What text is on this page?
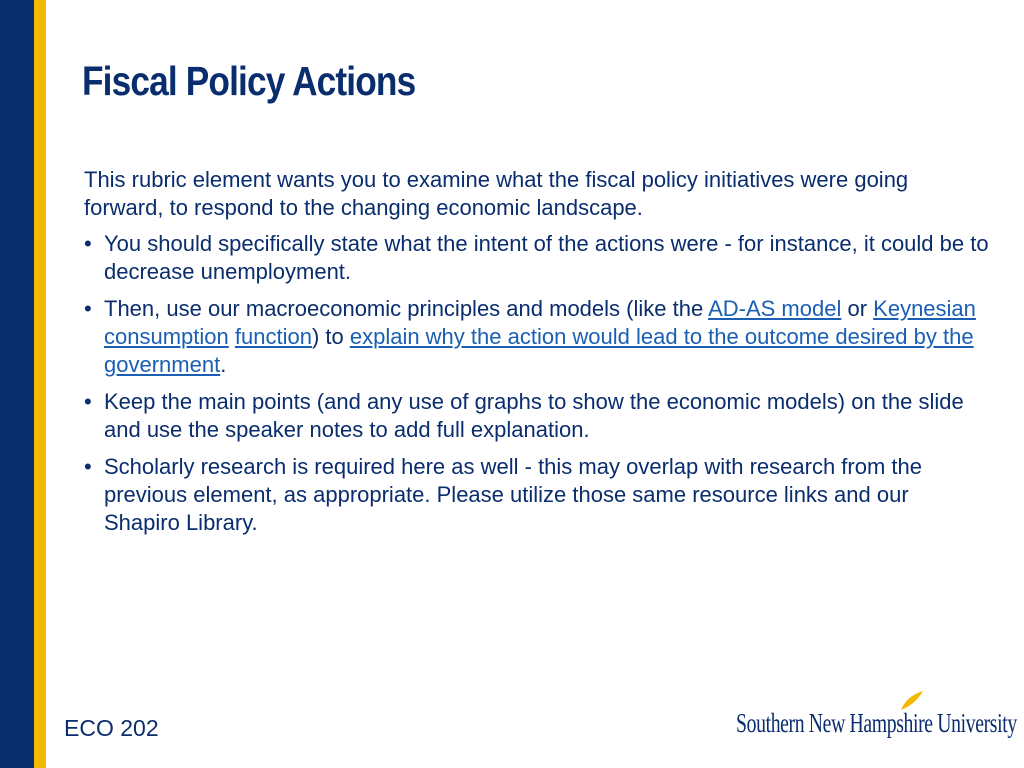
Fiscal Policy Actions

This rubric element wants you to examine what the fiscal policy initiatives were going forward, to respond to the changing economic landscape.

• You should specifically state what the intent of the actions were - for instance, it could be to decrease unemployment.
• Then, use our macroeconomic principles and models (like the AD-AS model or Keynesian consumption function) to explain why the action would lead to the outcome desired by the government.
• Keep the main points (and any use of graphs to show the economic models) on the slide and use the speaker notes to add full explanation.
• Scholarly research is required here as well - this may overlap with research from the previous element, as appropriate. Please utilize those same resource links and our Shapiro Library.
ECO 202	Southern New Hampshire University
